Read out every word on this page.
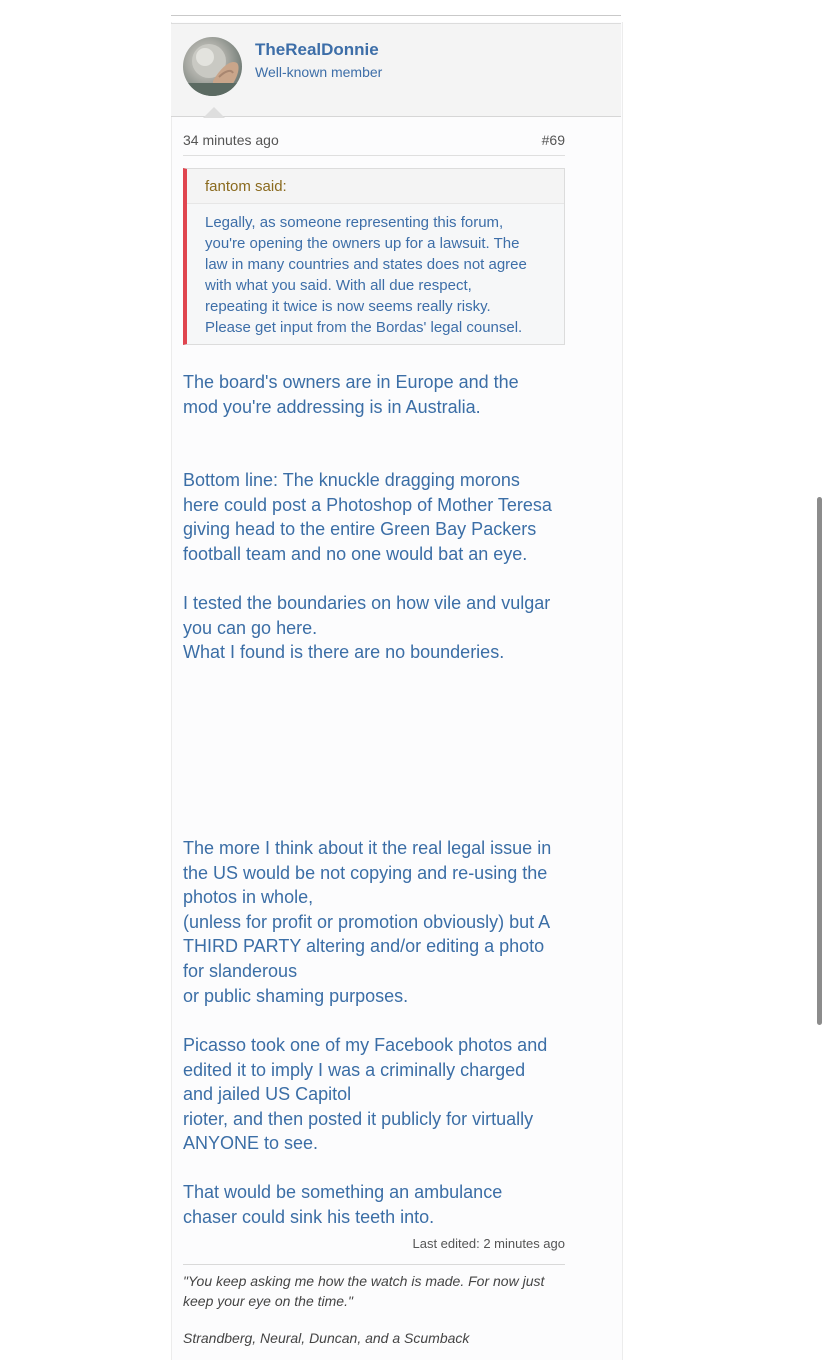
TheRealDonnie
Well-known member
34 minutes ago	#69
fantom said:
Legally, as someone representing this forum,
you're opening the owners up for a lawsuit. The
law in many countries and states does not agree
with what you said. With all due respect,
repeating it twice is now seems really risky.
Please get input from the Bordas' legal counsel.
The board's owners are in Europe and the
mod you're addressing is in Australia.
Bottom line: The knuckle dragging morons
here could post a Photoshop of Mother Teresa
giving head to the entire Green Bay Packers
football team and no one would bat an eye.
I tested the boundaries on how vile and vulgar
you can go here.
What I found is there are no bounderies.
The more I think about it the real legal issue in
the US would be not copying and re-using the
photos in whole,
(unless for profit or promotion obviously) but A
THIRD PARTY altering and/or editing a photo
for slanderous
or public shaming purposes.
Picasso took one of my Facebook photos and
edited it to imply I was a criminally charged
and jailed US Capitol
rioter, and then posted it publicly for virtually
ANYONE to see.
That would be something an ambulance
chaser could sink his teeth into.
Last edited: 2 minutes ago
"You keep asking me how the watch is made. For now just
keep your eye on the time."
Strandberg, Neural, Duncan, and a Scumback
